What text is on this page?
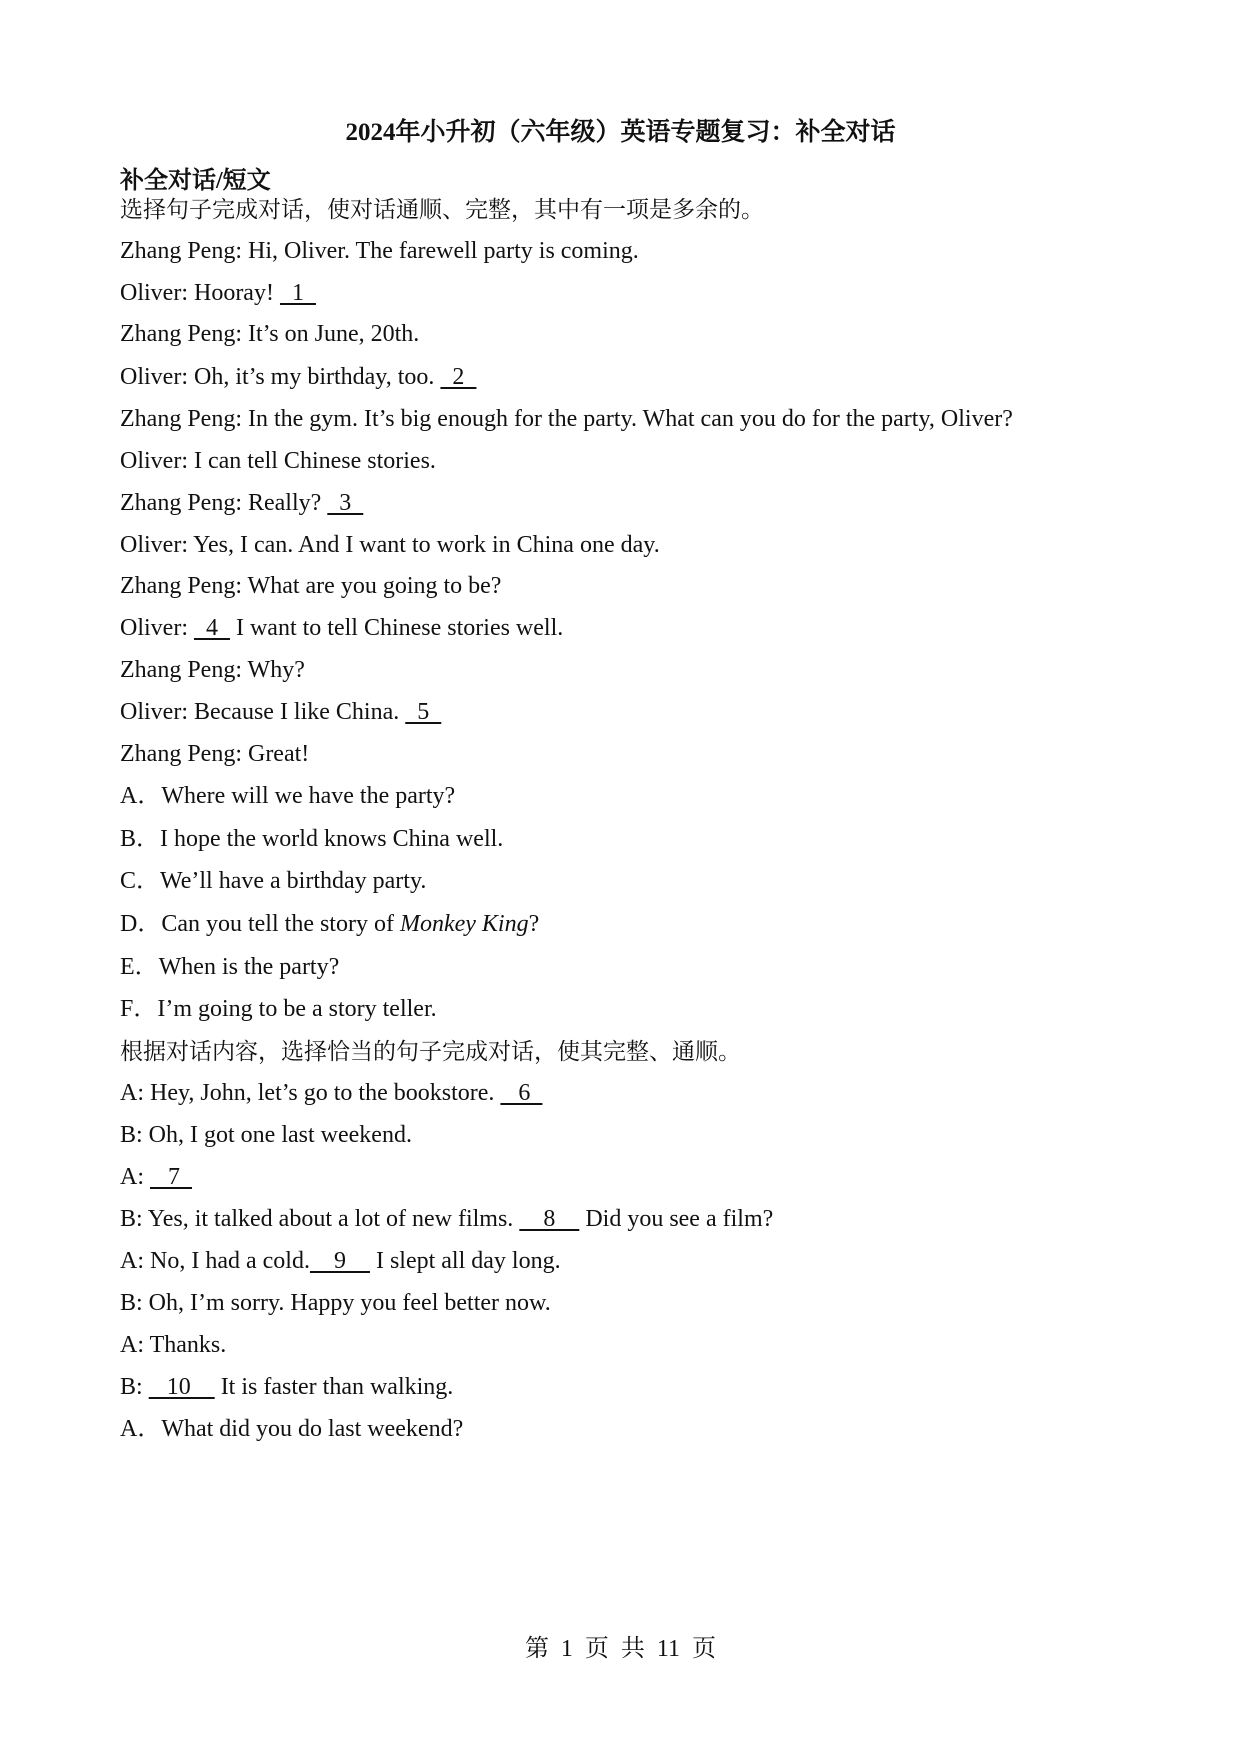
2024年小升初（六年级）英语专题复习：补全对话
补全对话/短文
选择句子完成对话，使对话通顺、完整，其中有一项是多余的。
Zhang Peng: Hi, Oliver. The farewell party is coming.
Oliver: Hooray!   1
Zhang Peng: It’s on June, 20th.
Oliver: Oh, it’s my birthday, too.   2
Zhang Peng: In the gym. It’s big enough for the party. What can you do for the party, Oliver?
Oliver: I can tell Chinese stories.
Zhang Peng: Really?   3
Oliver: Yes, I can. And I want to work in China one day.
Zhang Peng: What are you going to be?
Oliver:   4   I want to tell Chinese stories well.
Zhang Peng: Why?
Oliver: Because I like China.   5
Zhang Peng: Great!
A．Where will we have the party?
B．I hope the world knows China well.
C．We’ll have a birthday party.
D．Can you tell the story of Monkey King?
E．When is the party?
F．I’m going to be a story teller.
根据对话内容，选择恰当的句子完成对话，使其完整、通顺。
A: Hey, John, let’s go to the bookstore.    6
B: Oh, I got one last weekend.
A:    7
B: Yes, it talked about a lot of new films.     8     Did you see a film?
A: No, I had a cold.    9     I slept all day long.
B: Oh, I’m sorry. Happy you feel better now.
A: Thanks.
B:    10     It is faster than walking.
A．What did you do last weekend?
第  1  页  共  11  页
